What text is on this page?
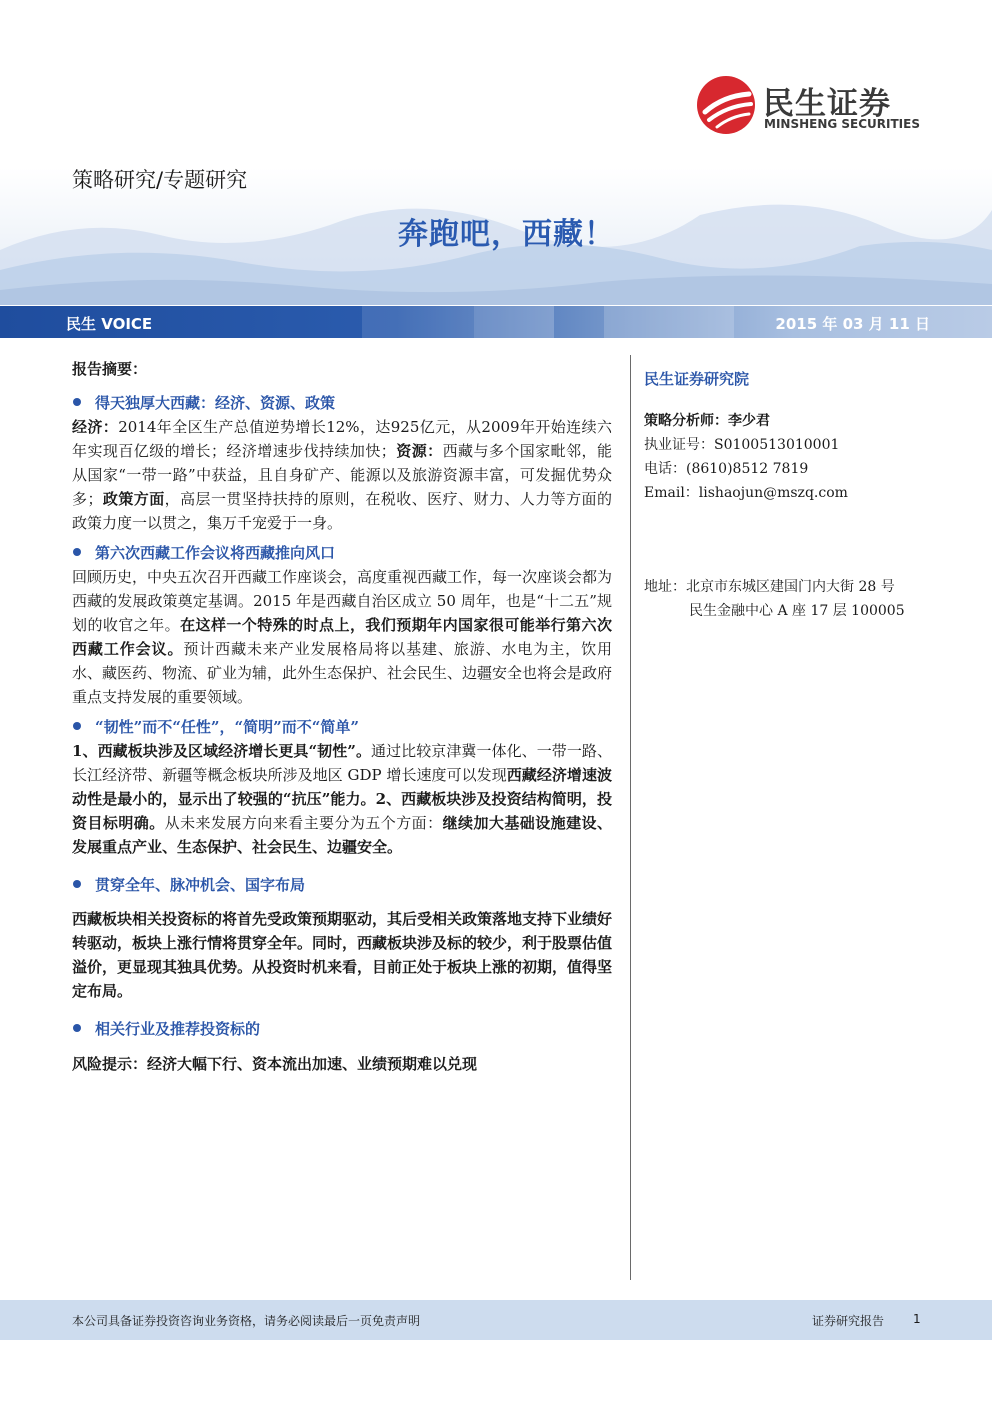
民生证券
MINSHENG SECURITIES
策略研究/专题研究
奔跑吧，西藏！
民生 VOICE	2015 年 03 月 11 日
报告摘要：
得天独厚大西藏：经济、资源、政策
经济：2014年全区生产总值逆势增长12%，达925亿元，从2009年开始连续六年实现百亿级的增长；经济增速步伐持续加快；资源：西藏与多个国家毗邻，能从国家“一带一路”中获益，且自身矿产、能源以及旅游资源丰富，可发掘优势众多；政策方面，高层一贯坚持扶持的原则，在税收、医疗、财力、人力等方面的政策力度一以贯之，集万千宠爱于一身。
第六次西藏工作会议将西藏推向风口
回顾历史，中央五次召开西藏工作座谈会，高度重视西藏工作，每一次座谈会都为西藏的发展政策奠定基调。2015 年是西藏自治区成立 50 周年，也是“十二五”规划的收官之年。在这样一个特殊的时点上，我们预期年内国家很可能举行第六次西藏工作会议。预计西藏未来产业发展格局将以基建、旅游、水电为主，饮用水、藏医药、物流、矿业为辅，此外生态保护、社会民生、边疆安全也将会是政府重点支持发展的重要领域。
“韧性”而不“任性”，“简明”而不“简单”
1、西藏板块涉及区域经济增长更具“韧性”。通过比较京津冀一体化、一带一路、长江经济带、新疆等概念板块所涉及地区 GDP 增长速度可以发现西藏经济增速波动性是最小的，显示出了较强的“抗压”能力。2、西藏板块涉及投资结构简明，投资目标明确。从未来发展方向来看主要分为五个方面：继续加大基础设施建设、发展重点产业、生态保护、社会民生、边疆安全。
贯穿全年、脉冲机会、国字布局
西藏板块相关投资标的将首先受政策预期驱动，其后受相关政策落地支持下业绩好转驱动，板块上涨行情将贯穿全年。同时，西藏板块涉及标的较少，利于股票估值溢价，更显现其独具优势。从投资时机来看，目前正处于板块上涨的初期，值得坚定布局。
相关行业及推荐投资标的
风险提示：经济大幅下行、资本流出加速、业绩预期难以兑现
民生证券研究院
策略分析师：李少君
执业证号：S0100513010001
电话：(8610)8512 7819
Email：lishaojun@mszq.com
地址：北京市东城区建国门内大街 28 号
民生金融中心 A 座 17 层 100005
本公司具备证券投资咨询业务资格，请务必阅读最后一页免责声明	证券研究报告 1
